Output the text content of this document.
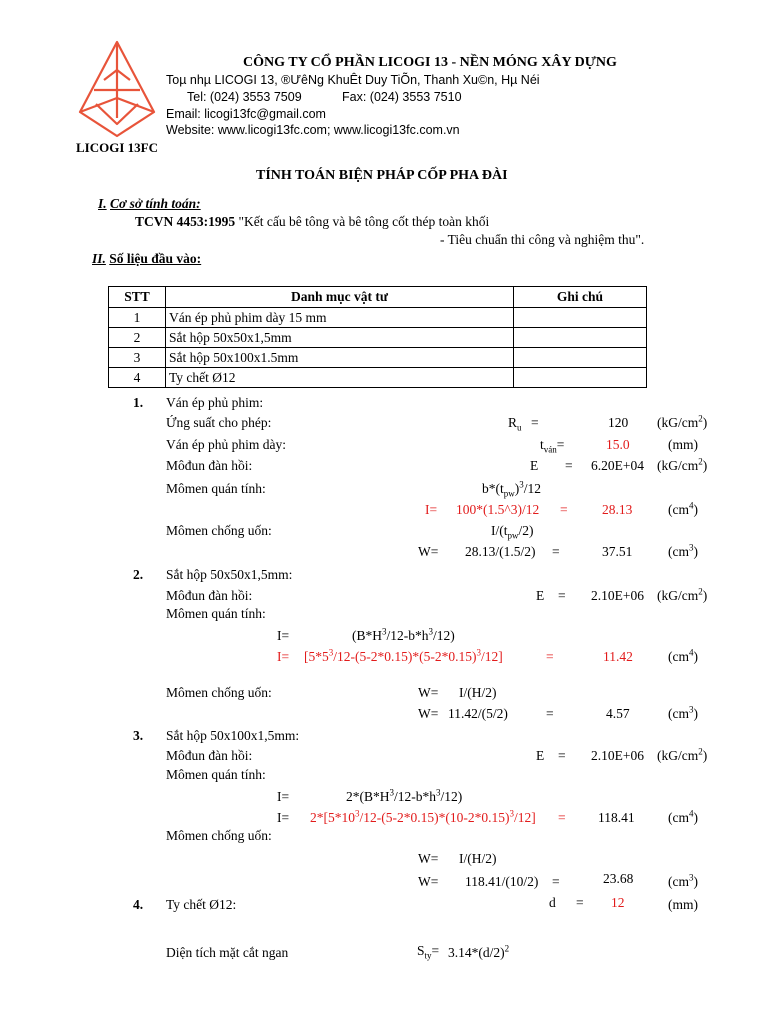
LICOGI 13FC
CÔNG TY CỔ PHẦN LICOGI 13 - NỀN MÓNG XÂY DỰNG
Toµ nhµ LICOGI 13, ®ƯêNg KhuÊt Duy TiÕn, Thanh Xu©n, Hµ Néi
Tel: (024) 3553 7509	Fax: (024) 3553 7510
Email: licogi13fc@gmail.com
Website: www.licogi13fc.com; www.licogi13fc.com.vn
TÍNH TOÁN BIỆN PHÁP CỐP PHA ĐÀI
I. Cơ sở tính toán:
TCVN 4453:1995 "Kết cấu bê tông và bê tông cốt thép toàn khối
- Tiêu chuẩn thi công và nghiệm thu".
II. Số liệu đầu vào:
STT	Danh mục vật tư	Ghi chú
1	Ván ép phủ phim dày 15 mm	
2	Sắt hộp 50x50x1,5mm	
3	Sắt hộp 50x100x1.5mm	
4	Ty chết Ø12	
1. Ván ép phủ phim:
Ứng suất cho phép:	$R_u$ =	120 $(kG/cm^2)$
Ván ép phủ phim dày:	$t_{ván}=$	15.0	(mm)
Môđun đàn hồi:	E = 6.20E+04 $(kG/cm^2)$
Mômen quán tính:	$b*(t_{pw})^3/12$
I= 100*(1.5^3)/12 =	28.13	$(cm^4)$
Mômen chống uốn:	$I/(t_{pw}/2)$
W= 28.13/(1.5/2) =	37.51	$(cm^3)$
2. Sắt hộp 50x50x1,5mm:
Môđun đàn hồi:	E = 2.10E+06 $(kG/cm^2)$
Mômen quán tính:
I=	$(B*H^3/12-b*h^3/12)$
$I= [5*5^3/12-(5-2*0.15)*(5-2*0.15)^3/12]$	=	11.42	$(cm^4)$
Mômen chống uốn:	W= I/(H/2)
W= 11.42/(5/2)	=	4.57	$(cm^3)$
3. Sắt hộp 50x100x1,5mm:
Môđun đàn hồi:	E = 2.10E+06 $(kG/cm^2)$
Mômen quán tính:
I=	$2*(B*H^3/12-b*h^3/12)$
$I= 2*[5*10^3/12-(5-2*0.15)*(10-2*0.15)^3/12] = 118.41$ $(cm^4)$
Mômen chống uốn:
W= I/(H/2)
W= 118.41/(10/2) =	23.68	$(cm^3)$
4. Ty chết Ø12:	d = 12	(mm)
Diện tích mặt cắt ngan	$S_{ty}= 3.14*(d/2)^2$
